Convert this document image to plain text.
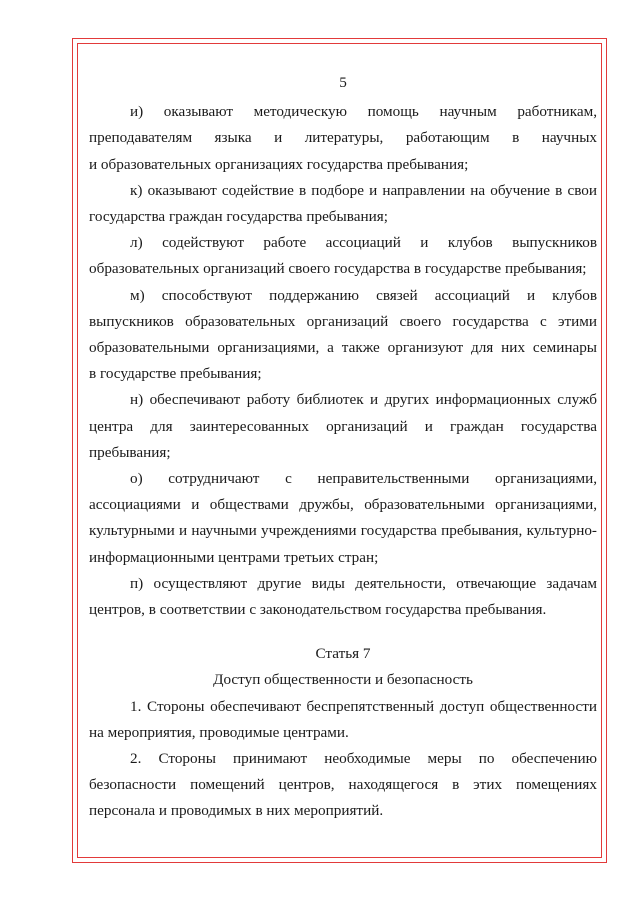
5
и) оказывают методическую помощь научным работникам,
преподавателям языка и литературы, работающим в научных
и образовательных организациях государства пребывания;
к) оказывают содействие в подборе и направлении на обучение в свои
государства граждан государства пребывания;
л) содействуют работе ассоциаций и клубов выпускников
образовательных организаций своего государства в государстве пребывания;
м) способствуют поддержанию связей ассоциаций и клубов
выпускников образовательных организаций своего государства с этими
образовательными организациями, а также организуют для них семинары
в государстве пребывания;
н) обеспечивают работу библиотек и других информационных служб
центра для заинтересованных организаций и граждан государства
пребывания;
о) сотрудничают с неправительственными организациями,
ассоциациями и обществами дружбы, образовательными организациями,
культурными и научными учреждениями государства пребывания, культурно-
информационными центрами третьих стран;
п) осуществляют другие виды деятельности, отвечающие задачам
центров, в соответствии с законодательством государства пребывания.
Статья 7
Доступ общественности и безопасность
1. Стороны обеспечивают беспрепятственный доступ общественности
на мероприятия, проводимые центрами.
2. Стороны принимают необходимые меры по обеспечению
безопасности помещений центров, находящегося в этих помещениях
персонала и проводимых в них мероприятий.
